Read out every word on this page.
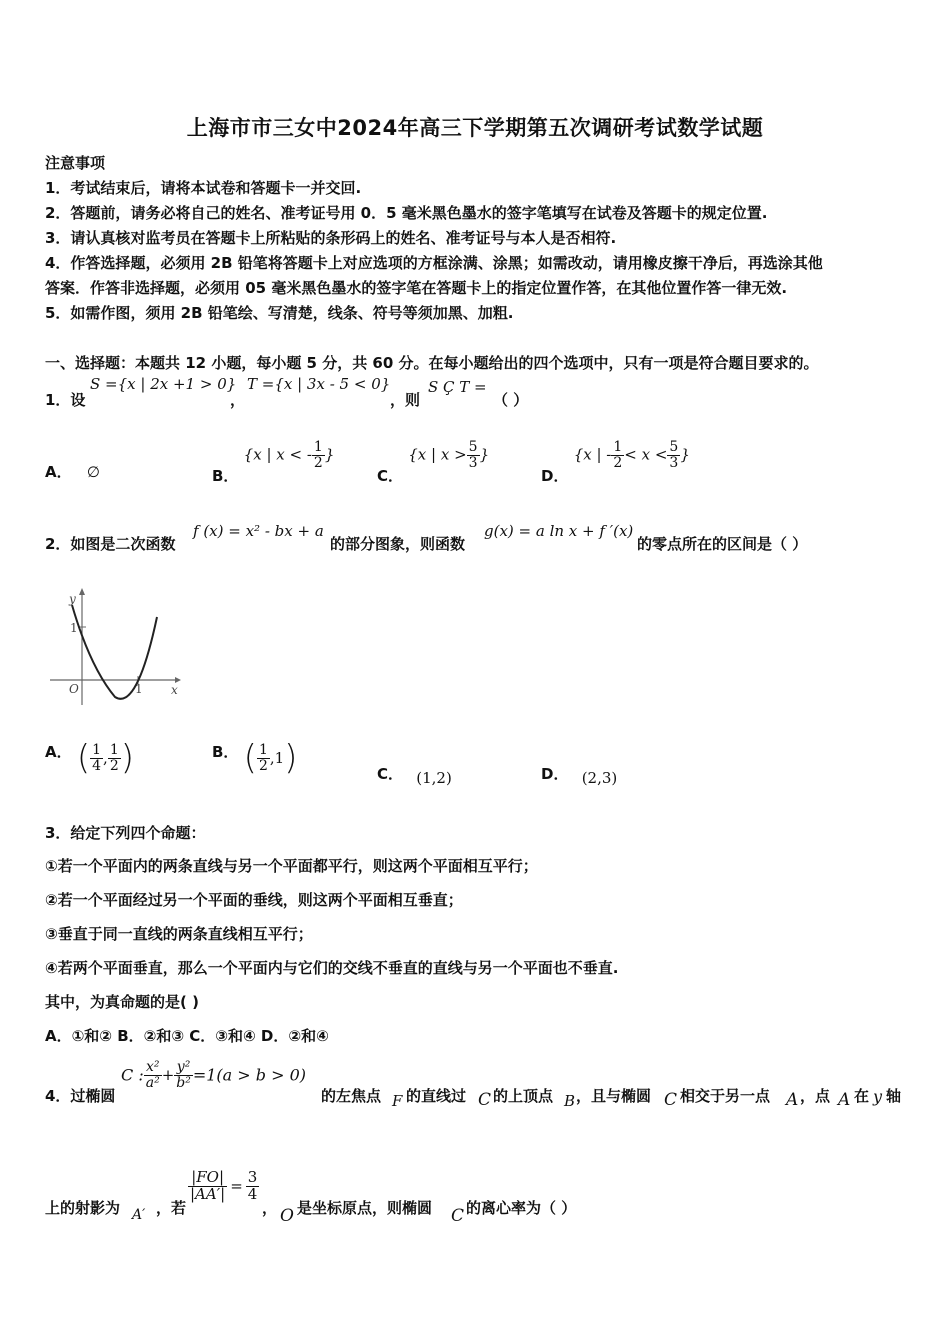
上海市市三女中2024年高三下学期第五次调研考试数学试题
注意事项
1．考试结束后，请将本试卷和答题卡一并交回.
2．答题前，请务必将自己的姓名、准考证号用 0．5 毫米黑色墨水的签字笔填写在试卷及答题卡的规定位置.
3．请认真核对监考员在答题卡上所粘贴的条形码上的姓名、准考证号与本人是否相符.
4．作答选择题，必须用 2B 铅笔将答题卡上对应选项的方框涂满、涂黑；如需改动，请用橡皮擦干净后，再选涂其他
答案．作答非选择题，必须用 05 毫米黑色墨水的签字笔在答题卡上的指定位置作答，在其他位置作答一律无效.
5．如需作图，须用 2B 铅笔绘、写清楚，线条、符号等须加黑、加粗.
一、选择题：本题共 12 小题，每小题 5 分，共 60 分。在每小题给出的四个选项中，只有一项是符合题目要求的。
1．设
S ={x | 2x +1 > 0}
，
T ={x | 3x - 5 < 0}
，则
S Ç T =
（ ）
A． ∅	B． {x | x < - $\frac{1}{2}$ }
C． {x | $x > \frac{5}{3}$ }
D． {x | - $\frac{1}{2} < x < \frac{5}{3}$ }
2．如图是二次函数
f (x) = x² - bx + a
的部分图象，则函数
g(x) = a ln x + f ′(x)
的零点所在的区间是（ ）
y
x
O
1
1
A． ( $\frac{1}{4}$ , $\frac{1}{2}$ )	B． ( $\frac{1}{2} ,1$)	C． (1,2)	D． (2,3)
3．给定下列四个命题：
①若一个平面内的两条直线与另一个平面都平行，则这两个平面相互平行；
②若一个平面经过另一个平面的垂线，则这两个平面相互垂直；
③垂直于同一直线的两条直线相互平行；
④若两个平面垂直，那么一个平面内与它们的交线不垂直的直线与另一个平面也不垂直.
其中，为真命题的是( )
A．①和② B．②和③ C．③和④ D．②和④
4．过椭圆
C : $\frac{\text{x²}}{\text{a²}} + \frac{\text{y²}}{\text{b²}} =1(a > b > 0)$
的左焦点 F 的直线过 C 的上顶点 B ，且与椭圆 C 相交于另一点 A ，点 A 在 y 轴
上的射影为 A′ ，若
$\frac{|FO|}{|AA'|} = \frac{3}{4}$
， O 是坐标原点，则椭圆 C 的离心率为（ ）
